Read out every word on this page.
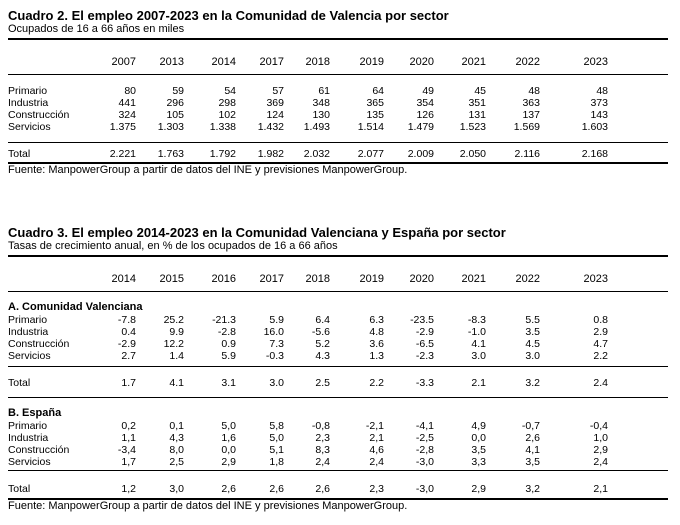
Cuadro 2. El empleo 2007-2023 en la Comunidad de Valencia por sector
Ocupados de 16 a 66 años en miles
2007	2013	2014	2017	2018	2019	2020	2021	2022	2023
Fuente: ManpowerGroup a partir de datos del INE y previsiones ManpowerGroup.
Primario	80	59	54	57	61	64	49	45	48	48
Industria	441	296	298	369	348	365	354	351	363	373
Construcción	324	105	102	124	130	135	126	131	137	143
Servicios	1.375	1.303	1.338	1.432	1.493	1.514	1.479	1.523	1.569	1.603
Total	2.221	1.763	1.792	1.982	2.032	2.077	2.009	2.050	2.116	2.168
Cuadro 3. El empleo 2014-2023 en la Comunidad Valenciana y España por sector
Tasas de crecimiento anual, en % de los ocupados de 16 a 66 años
2014	2015	2016	2017	2018	2019	2020	2021	2022	2023
A. Comunidad Valenciana
B. España
Fuente: ManpowerGroup a partir de datos del INE y previsiones ManpowerGroup.
Primario	-7.8	25.2	-21.3	5.9	6.4	6.3	-23.5	-8.3	5.5	0.8
Industria	0.4	9.9	-2.8	16.0	-5.6	4.8	-2.9	-1.0	3.5	2.9
Construcción	-2.9	12.2	0.9	7.3	5.2	3.6	-6.5	4.1	4.5	4.7
Servicios	2.7	1.4	5.9	-0.3	4.3	1.3	-2.3	3.0	3.0	2.2
Primario	0,2	0,1	5,0	5,8	-0,8	-2,1	-4,1	4,9	-0,7	-0,4
Industria	1,1	4,3	1,6	5,0	2,3	2,1	-2,5	0,0	2,6	1,0
Construcción	-3,4	8,0	0,0	5,1	8,3	4,6	-2,8	3,5	4,1	2,9
Servicios	1,7	2,5	2,9	1,8	2,4	2,4	-3,0	3,3	3,5	2,4
Total	1.7	4.1	3.1	3.0	2.5	2.2	-3.3	2.1	3.2	2.4
Total	1,2	3,0	2,6	2,6	2,6	2,3	-3,0	2,9	3,2	2,1
